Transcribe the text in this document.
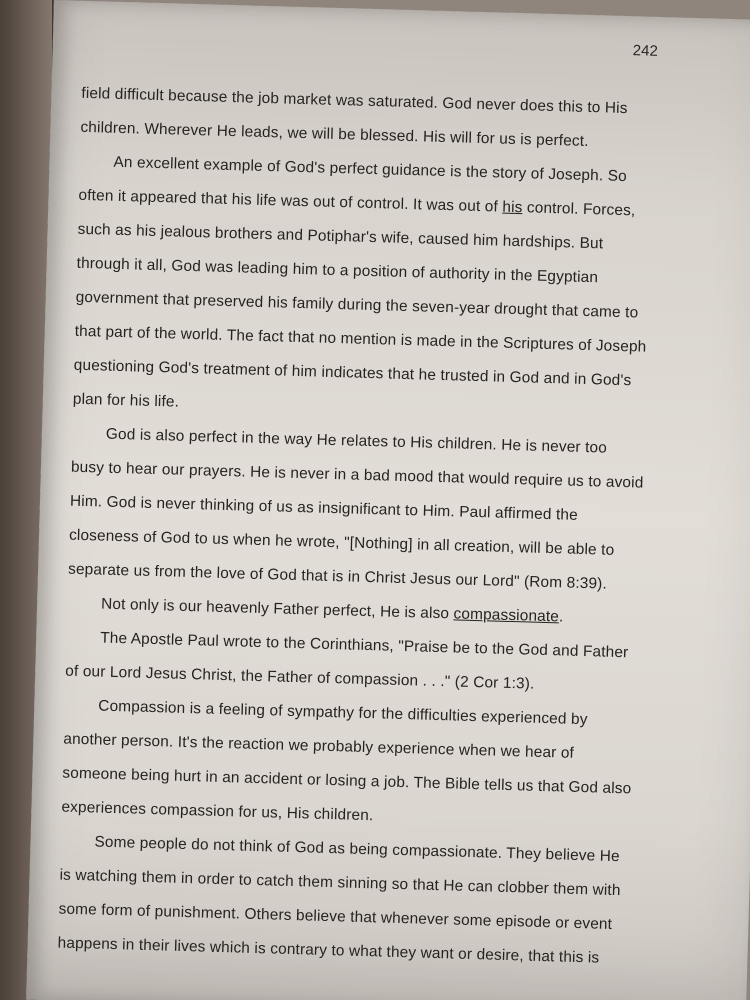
242
field difficult because the job market was saturated. God never does this to His
children. Wherever He leads, we will be blessed. His will for us is perfect.
An excellent example of God's perfect guidance is the story of Joseph. So
often it appeared that his life was out of control. It was out of his control. Forces,
such as his jealous brothers and Potiphar's wife, caused him hardships. But
through it all, God was leading him to a position of authority in the Egyptian
government that preserved his family during the seven-year drought that came to
that part of the world. The fact that no mention is made in the Scriptures of Joseph
questioning God's treatment of him indicates that he trusted in God and in God's
plan for his life.
God is also perfect in the way He relates to His children. He is never too
busy to hear our prayers. He is never in a bad mood that would require us to avoid
Him. God is never thinking of us as insignificant to Him. Paul affirmed the
closeness of God to us when he wrote, "[Nothing] in all creation, will be able to
separate us from the love of God that is in Christ Jesus our Lord" (Rom 8:39).
Not only is our heavenly Father perfect, He is also compassionate.
The Apostle Paul wrote to the Corinthians, "Praise be to the God and Father
of our Lord Jesus Christ, the Father of compassion . . ." (2 Cor 1:3).
Compassion is a feeling of sympathy for the difficulties experienced by
another person. It's the reaction we probably experience when we hear of
someone being hurt in an accident or losing a job. The Bible tells us that God also
experiences compassion for us, His children.
Some people do not think of God as being compassionate. They believe He
is watching them in order to catch them sinning so that He can clobber them with
some form of punishment. Others believe that whenever some episode or event
happens in their lives which is contrary to what they want or desire, that this is
